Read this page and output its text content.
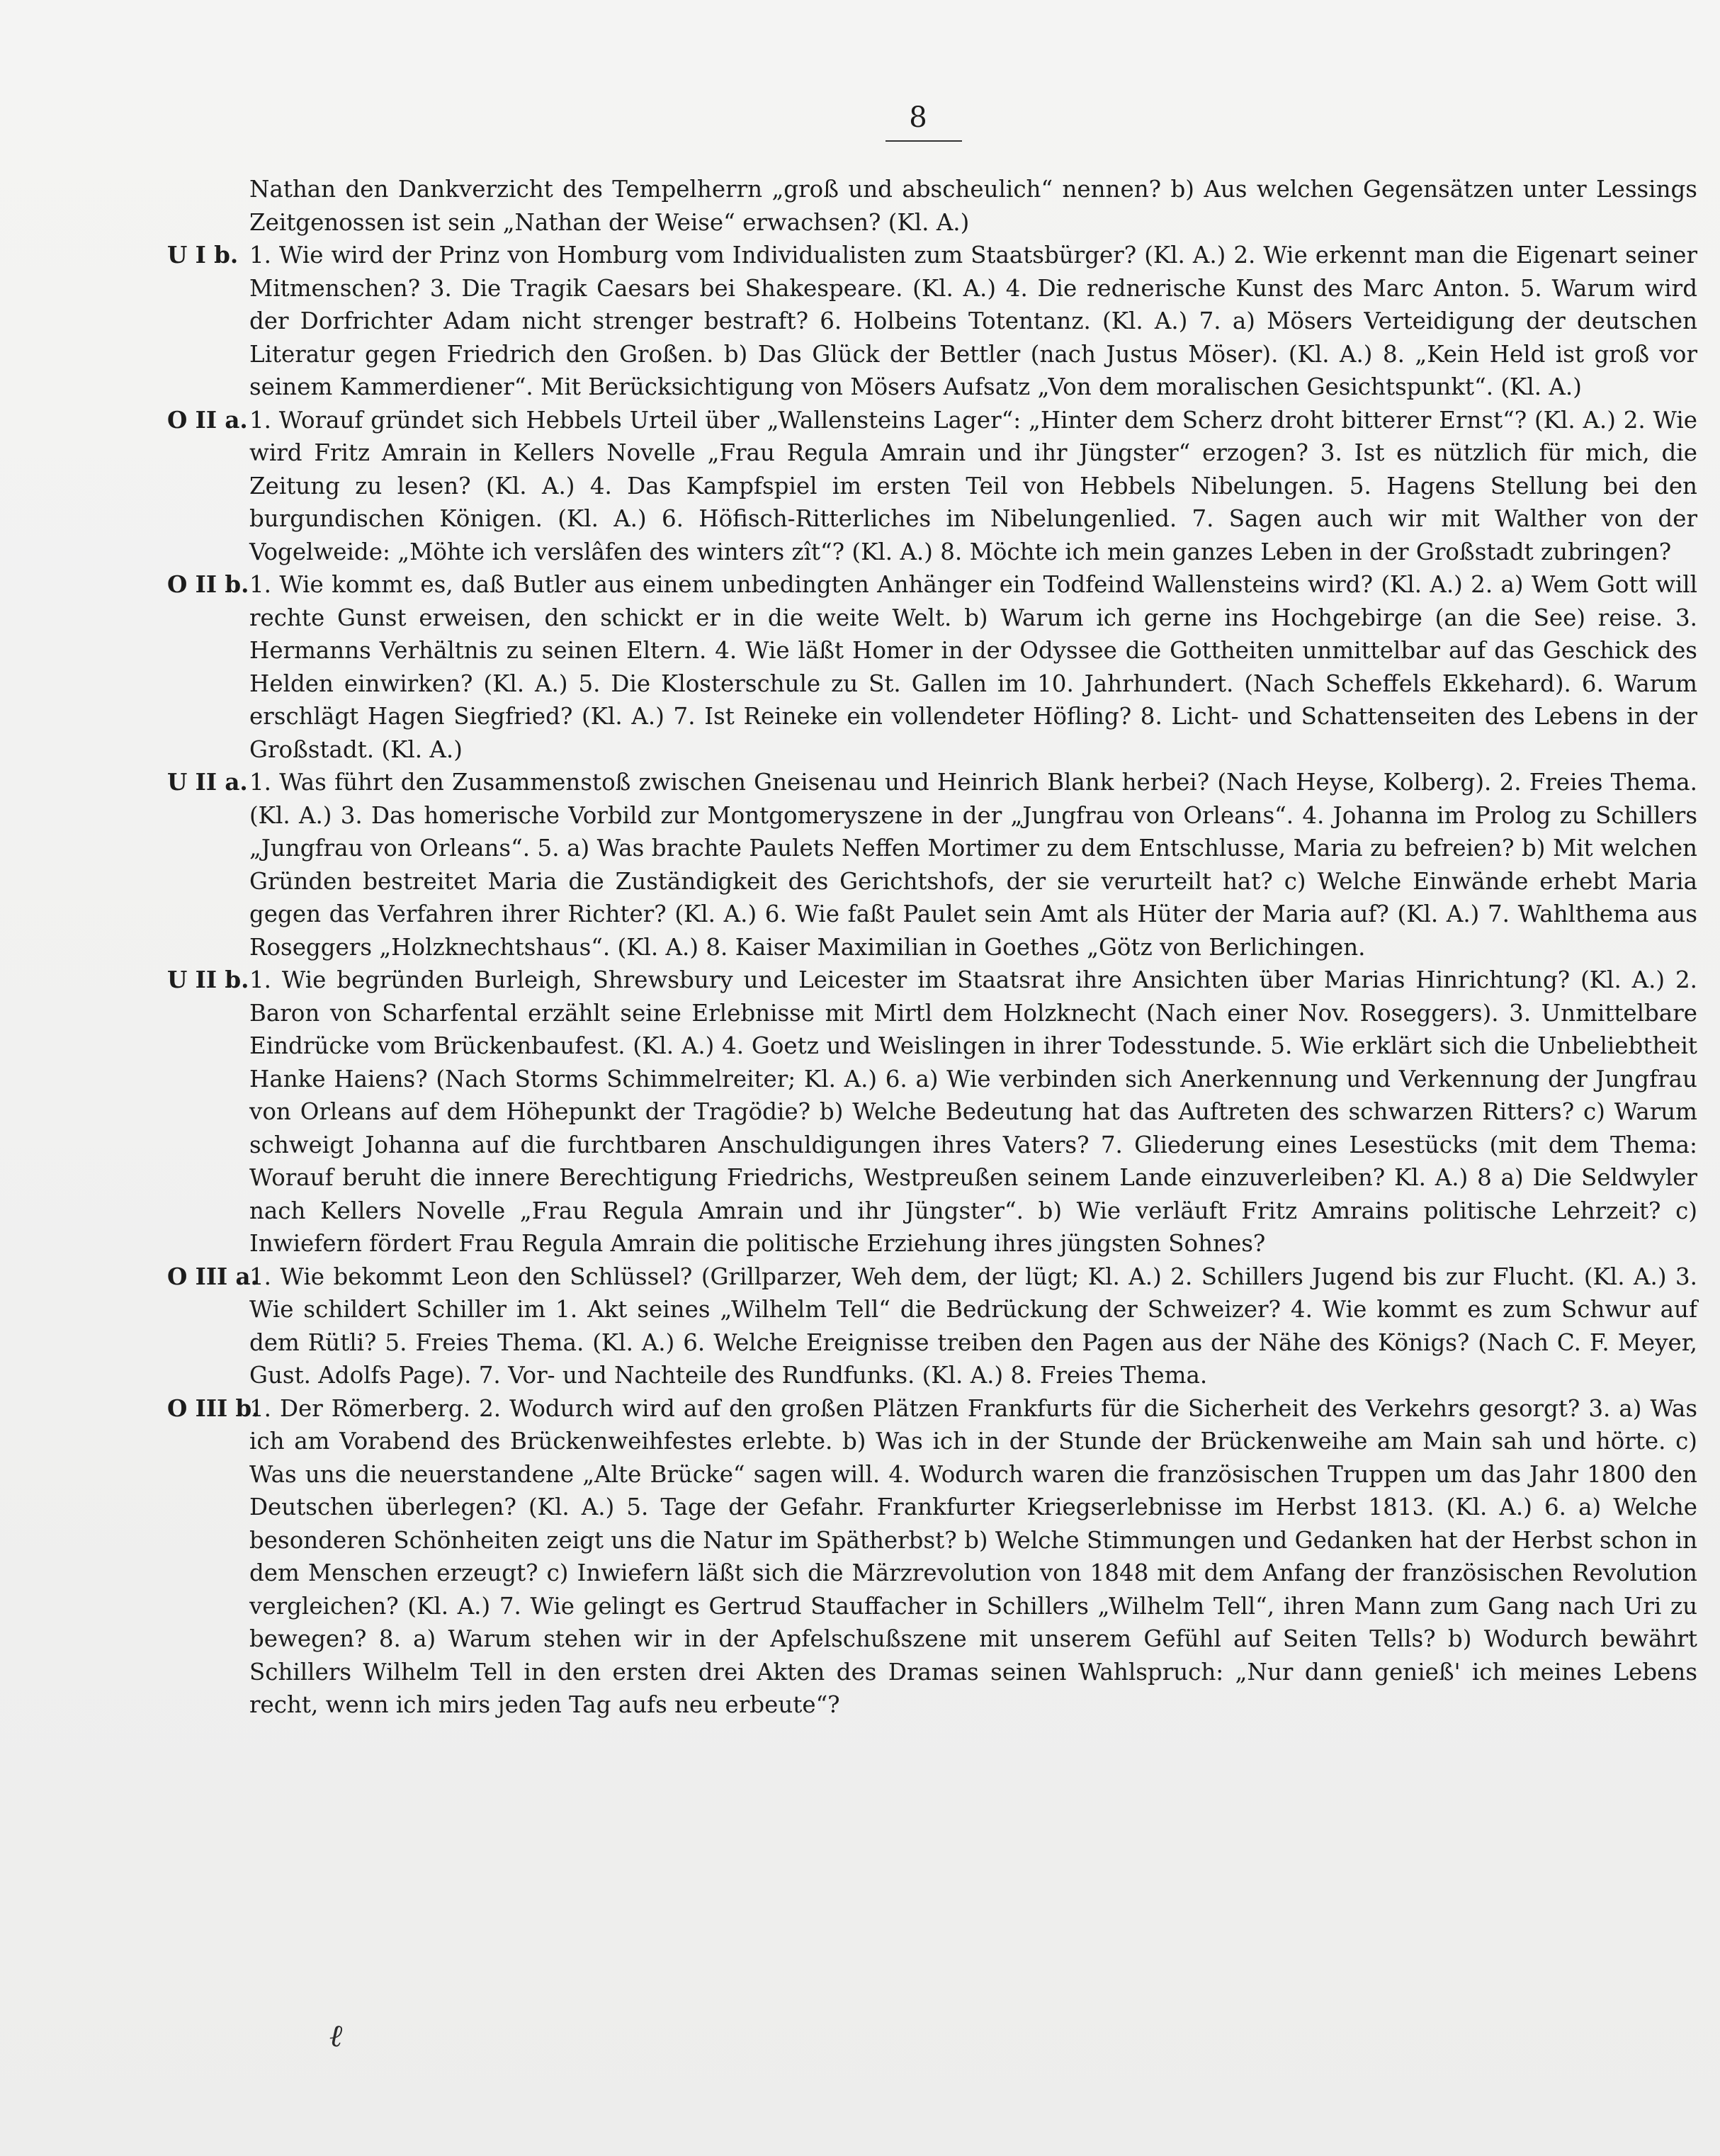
8
Nathan den Dankverzicht des Tempelherrn „groß und abscheulich“ nennen? b) Aus welchen Gegensätzen unter Lessings Zeitgenossen ist sein „Nathan der Weise“ erwachsen? (Kl. A.)
U I b. 1. Wie wird der Prinz von Homburg vom Individualisten zum Staatsbürger? (Kl. A.) 2. Wie erkennt man die Eigenart seiner Mitmenschen? 3. Die Tragik Caesars bei Shakespeare. (Kl. A.) 4. Die rednerische Kunst des Marc Anton. 5. Warum wird der Dorfrichter Adam nicht strenger bestraft? 6. Holbeins Totentanz. (Kl. A.) 7. a) Mösers Verteidigung der deutschen Literatur gegen Friedrich den Großen. b) Das Glück der Bettler (nach Justus Möser). (Kl. A.) 8. „Kein Held ist groß vor seinem Kammerdiener“. Mit Berücksichtigung von Mösers Aufsatz „Von dem moralischen Gesichtspunkt“. (Kl. A.)
O II a. 1. Worauf gründet sich Hebbels Urteil über „Wallensteins Lager“: „Hinter dem Scherz droht bitterer Ernst“? (Kl. A.) 2. Wie wird Fritz Amrain in Kellers Novelle „Frau Regula Amrain und ihr Jüngster“ erzogen? 3. Ist es nützlich für mich, die Zeitung zu lesen? (Kl. A.) 4. Das Kampfspiel im ersten Teil von Hebbels Nibelungen. 5. Hagens Stellung bei den burgundischen Königen. (Kl. A.) 6. Höfisch-Ritterliches im Nibelungenlied. 7. Sagen auch wir mit Walther von der Vogelweide: „Möhte ich verslâfen des winters zît“? (Kl. A.) 8. Möchte ich mein ganzes Leben in der Großstadt zubringen?
O II b. 1. Wie kommt es, daß Butler aus einem unbedingten Anhänger ein Todfeind Wallensteins wird? (Kl. A.) 2. a) Wem Gott will rechte Gunst erweisen, den schickt er in die weite Welt. b) Warum ich gerne ins Hochgebirge (an die See) reise. 3. Hermanns Verhältnis zu seinen Eltern. 4. Wie läßt Homer in der Odyssee die Gottheiten unmittelbar auf das Geschick des Helden einwirken? (Kl. A.) 5. Die Klosterschule zu St. Gallen im 10. Jahrhundert. (Nach Scheffels Ekkehard). 6. Warum erschlägt Hagen Siegfried? (Kl. A.) 7. Ist Reineke ein vollendeter Höfling? 8. Licht- und Schattenseiten des Lebens in der Großstadt. (Kl. A.)
U II a. 1. Was führt den Zusammenstoß zwischen Gneisenau und Heinrich Blank herbei? (Nach Heyse, Kolberg). 2. Freies Thema. (Kl. A.) 3. Das homerische Vorbild zur Montgomeryszene in der „Jungfrau von Orleans“. 4. Johanna im Prolog zu Schillers „Jungfrau von Orleans“. 5. a) Was brachte Paulets Neffen Mortimer zu dem Entschlusse, Maria zu befreien? b) Mit welchen Gründen bestreitet Maria die Zuständigkeit des Gerichtshofs, der sie verurteilt hat? c) Welche Einwände erhebt Maria gegen das Verfahren ihrer Richter? (Kl. A.) 6. Wie faßt Paulet sein Amt als Hüter der Maria auf? (Kl. A.) 7. Wahlthema aus Roseggers „Holzknechtshaus“. (Kl. A.) 8. Kaiser Maximilian in Goethes „Götz von Berlichingen.
U II b. 1. Wie begründen Burleigh, Shrewsbury und Leicester im Staatsrat ihre Ansichten über Marias Hinrichtung? (Kl. A.) 2. Baron von Scharfental erzählt seine Erlebnisse mit Mirtl dem Holzknecht (Nach einer Nov. Roseggers). 3. Unmittelbare Eindrücke vom Brückenbaufest. (Kl. A.) 4. Goetz und Weislingen in ihrer Todesstunde. 5. Wie erklärt sich die Unbeliebtheit Hanke Haiens? (Nach Storms Schimmelreiter; Kl. A.) 6. a) Wie verbinden sich Anerkennung und Verkennung der Jungfrau von Orleans auf dem Höhepunkt der Tragödie? b) Welche Bedeutung hat das Auftreten des schwarzen Ritters? c) Warum schweigt Johanna auf die furchtbaren Anschuldigungen ihres Vaters? 7. Gliederung eines Lesestücks (mit dem Thema: Worauf beruht die innere Berechtigung Friedrichs, Westpreußen seinem Lande einzuverleiben? Kl. A.) 8 a) Die Seldwyler nach Kellers Novelle „Frau Regula Amrain und ihr Jüngster“. b) Wie verläuft Fritz Amrains politische Lehrzeit? c) Inwiefern fördert Frau Regula Amrain die politische Erziehung ihres jüngsten Sohnes?
O III a.
1. Wie bekommt Leon den Schlüssel? (Grillparzer, Weh dem, der lügt; Kl. A.) 2. Schillers Jugend bis zur Flucht. (Kl. A.) 3. Wie schildert Schiller im 1. Akt seines „Wilhelm Tell“ die Bedrückung der Schweizer? 4. Wie kommt es zum Schwur auf dem Rütli? 5. Freies Thema. (Kl. A.) 6. Welche Ereignisse treiben den Pagen aus der Nähe des Königs? (Nach C. F. Meyer, Gust. Adolfs Page). 7. Vor- und Nachteile des Rundfunks. (Kl. A.) 8. Freies Thema.
O III b.
1. Der Römerberg. 2. Wodurch wird auf den großen Plätzen Frankfurts für die Sicherheit des Verkehrs gesorgt? 3. a) Was ich am Vorabend des Brückenweihfestes erlebte. b) Was ich in der Stunde der Brückenweihe am Main sah und hörte. c) Was uns die neuerstandene „Alte Brücke“ sagen will. 4. Wodurch waren die französischen Truppen um das Jahr 1800 den Deutschen überlegen? (Kl. A.) 5. Tage der Gefahr. Frankfurter Kriegserlebnisse im Herbst 1813. (Kl. A.) 6. a) Welche besonderen Schönheiten zeigt uns die Natur im Spätherbst? b) Welche Stimmungen und Gedanken hat der Herbst schon in dem Menschen erzeugt? c) Inwiefern läßt sich die Märzrevolution von 1848 mit dem Anfang der französischen Revolution vergleichen? (Kl. A.) 7. Wie gelingt es Gertrud Stauffacher in Schillers „Wilhelm Tell“, ihren Mann zum Gang nach Uri zu bewegen? 8. a) Warum stehen wir in der Apfelschußszene mit unserem Gefühl auf Seiten Tells? b) Wodurch bewährt Schillers Wilhelm Tell in den ersten drei Akten des Dramas seinen Wahlspruch: „Nur dann genieß' ich meines Lebens recht, wenn ich mirs jeden Tag aufs neu erbeute“?
ℓ
